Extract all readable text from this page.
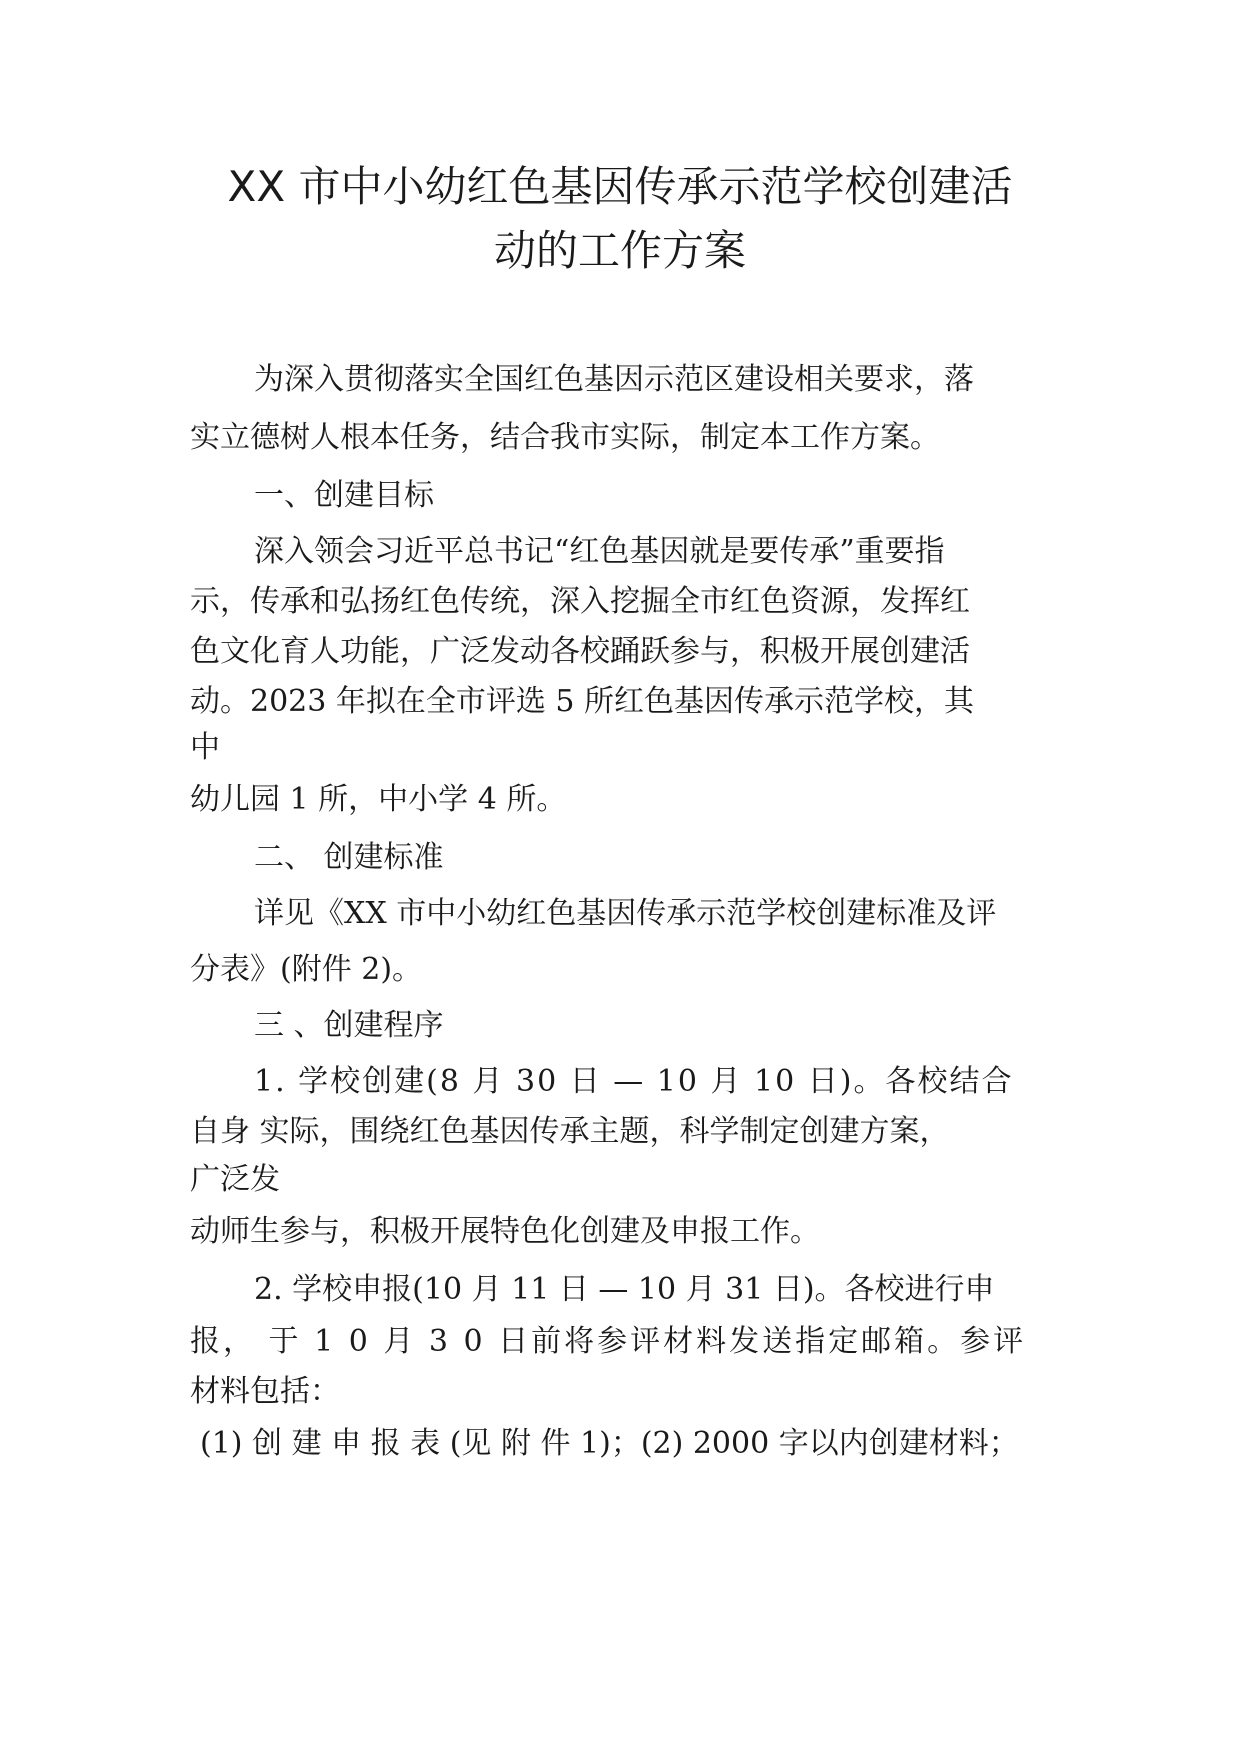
XX 市中小幼红色基因传承示范学校创建活
动的工作方案
为深入贯彻落实全国红色基因示范区建设相关要求，落
实立德树人根本任务，结合我市实际，制定本工作方案。
一、创建目标
深入领会习近平总书记“红色基因就是要传承”重要指
示，传承和弘扬红色传统，深入挖掘全市红色资源，发挥红
色文化育人功能，广泛发动各校踊跃参与，积极开展创建活
动。2023 年拟在全市评选 5 所红色基因传承示范学校，其
中
幼儿园 1 所，中小学 4 所。
二、 创建标准
详见《XX 市中小幼红色基因传承示范学校创建标准及评
分表》(附件 2)。
三 、创建程序
1. 学校创建(8 月 30 日 — 10 月 10 日)。各校结合
自身 实际，围绕红色基因传承主题，科学制定创建方案，
广泛发
动师生参与，积极开展特色化创建及申报工作。
2. 学校申报(10 月 11 日 — 10 月 31 日)。各校进行申
报， 于 1 0 月 3 0 日前将参评材料发送指定邮箱。参评
材料包括：
(1) 创 建 申 报 表 (见 附 件 1)；(2) 2000 字以内创建材料；
